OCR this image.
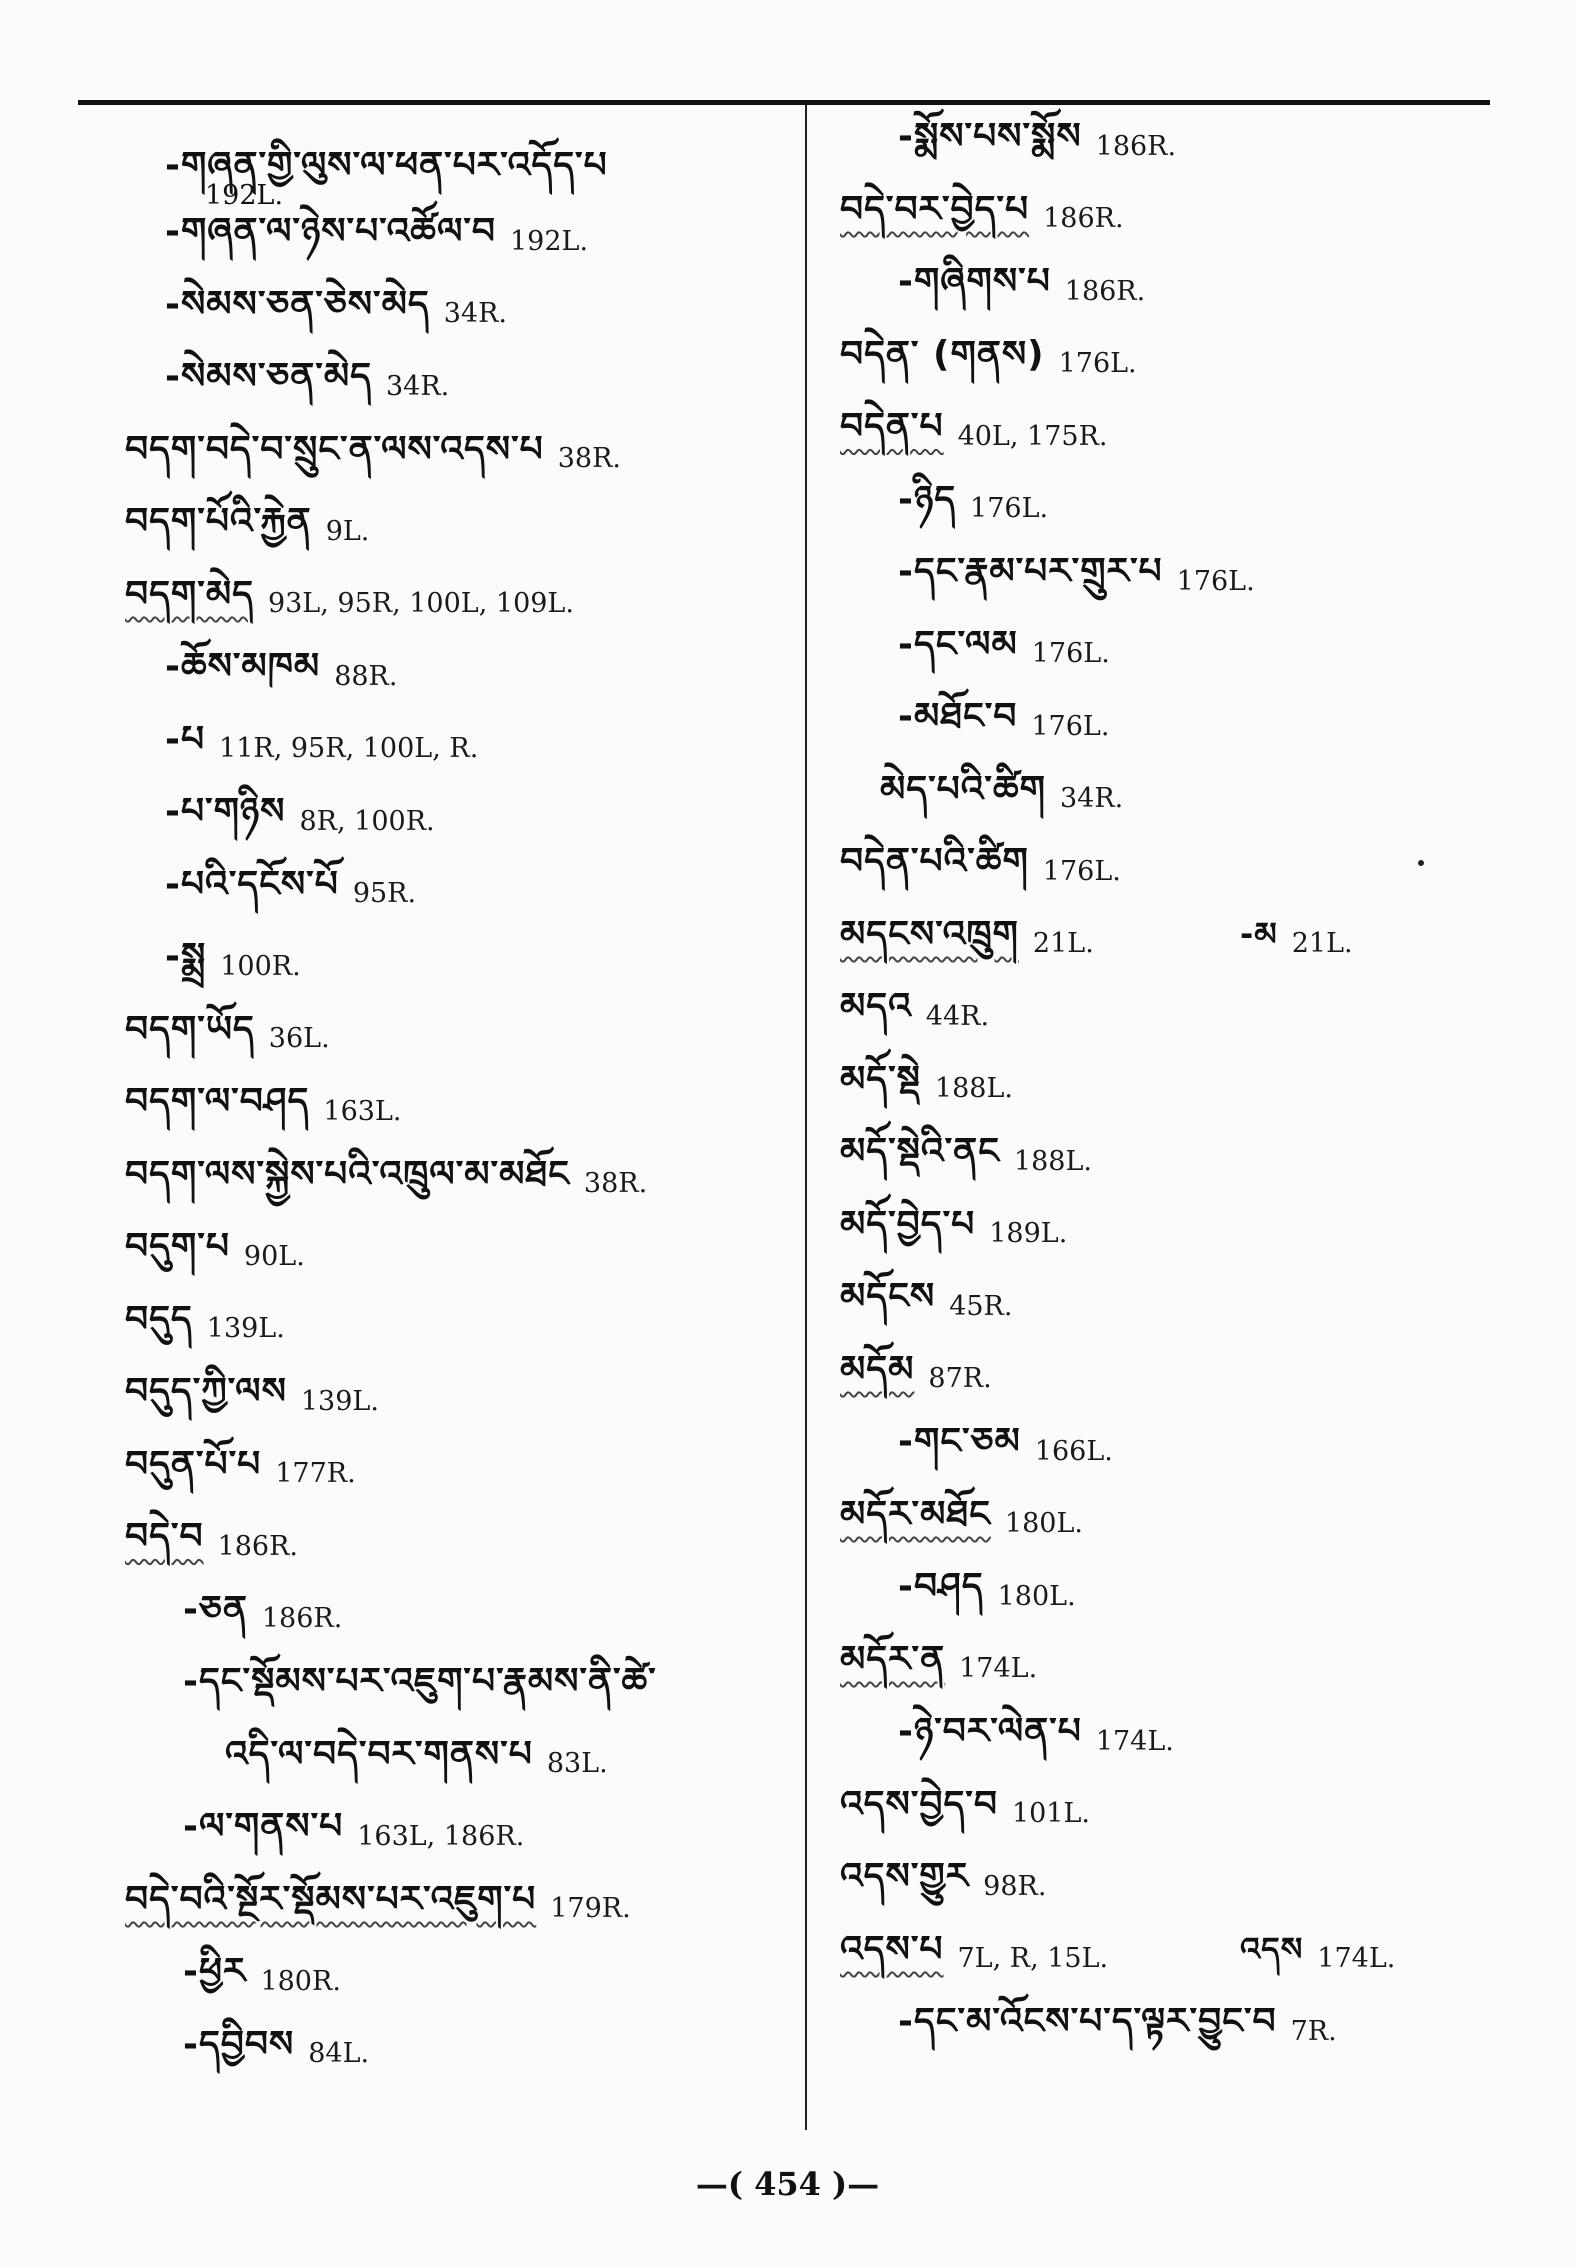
-གཞན་གྱི་ལུས་ལ་ཕན་པར་འདོད་པ
192L.
-གཞན་ལ་ཉེས་པ་འཚོལ་བ 192L.
-སེམས་ཅན་ཅེས་མེད 34R.
-སེམས་ཅན་མེད 34R.
བདག་བདེ་བ་སྲུང་ན་ལས་འདས་པ 38R.
བདག་པོའི་རྐྱེན 9L.
བདག་མེད 93L, 95R, 100L, 109L.
-ཆོས་མཁམ 88R.
-པ 11R, 95R, 100L, R.
-པ་གཉིས 8R, 100R.
-པའི་དངོས་པོ 95R.
-སྨྲ 100R.
བདག་ཡོད 36L.
བདག་ལ་བཤད 163L.
བདག་ལས་སྐྱེས་པའི་འཁྲུལ་མ་མཐོང 38R.
བདུག་པ 90L.
བདུད 139L.
བདུད་ཀྱི་ལས 139L.
བདུན་པོ་པ 177R.
བདེ་བ 186R.
-ཅན 186R.
-དང་སྡོམས་པར་འཇུག་པ་རྣམས་ནི་ཚེ་
འདི་ལ་བདེ་བར་གནས་པ 83L.
-ལ་གནས་པ 163L, 186R.
བདེ་བའི་སྔོར་སྡོམས་པར་འཇུག་པ 179R.
-ཕྱིར 180R.
-དབྱིབས 84L.
-སྨོས་པས་སྨོས 186R.
བདེ་བར་བྱེད་པ 186R.
-གཞིགས་པ 186R.
བདེན་ (གནས) 176L.
བདེན་པ 40L, 175R.
-ཉིད 176L.
-དང་རྣམ་པར་གྲུར་པ 176L.
-དང་ལམ 176L.
-མཐོང་བ 176L.
མེད་པའི་ཚིག 34R.
བདེན་པའི་ཚིག 176L.
མདངས་འཁྲུག 21L.	-མ 21L.
མདའ 44R.
མདོ་སྡེ 188L.
མདོ་སྡེའི་ནང 188L.
མདོ་བྱེད་པ 189L.
མདོངས 45R.
མདོམ 87R.
-གང་ཅམ 166L.
མདོར་མཐོང 180L.
-བཤད 180L.
མདོར་ན 174L.
-ཉེ་བར་ལེན་པ 174L.
འདས་བྱེད་བ 101L.
འདས་གྱུར 98R.
འདས་པ 7L, R, 15L.	འདས 174L.
-དང་མ་འོངས་པ་ད་ལྟར་བྱུང་བ 7R.
—( 454 )—
